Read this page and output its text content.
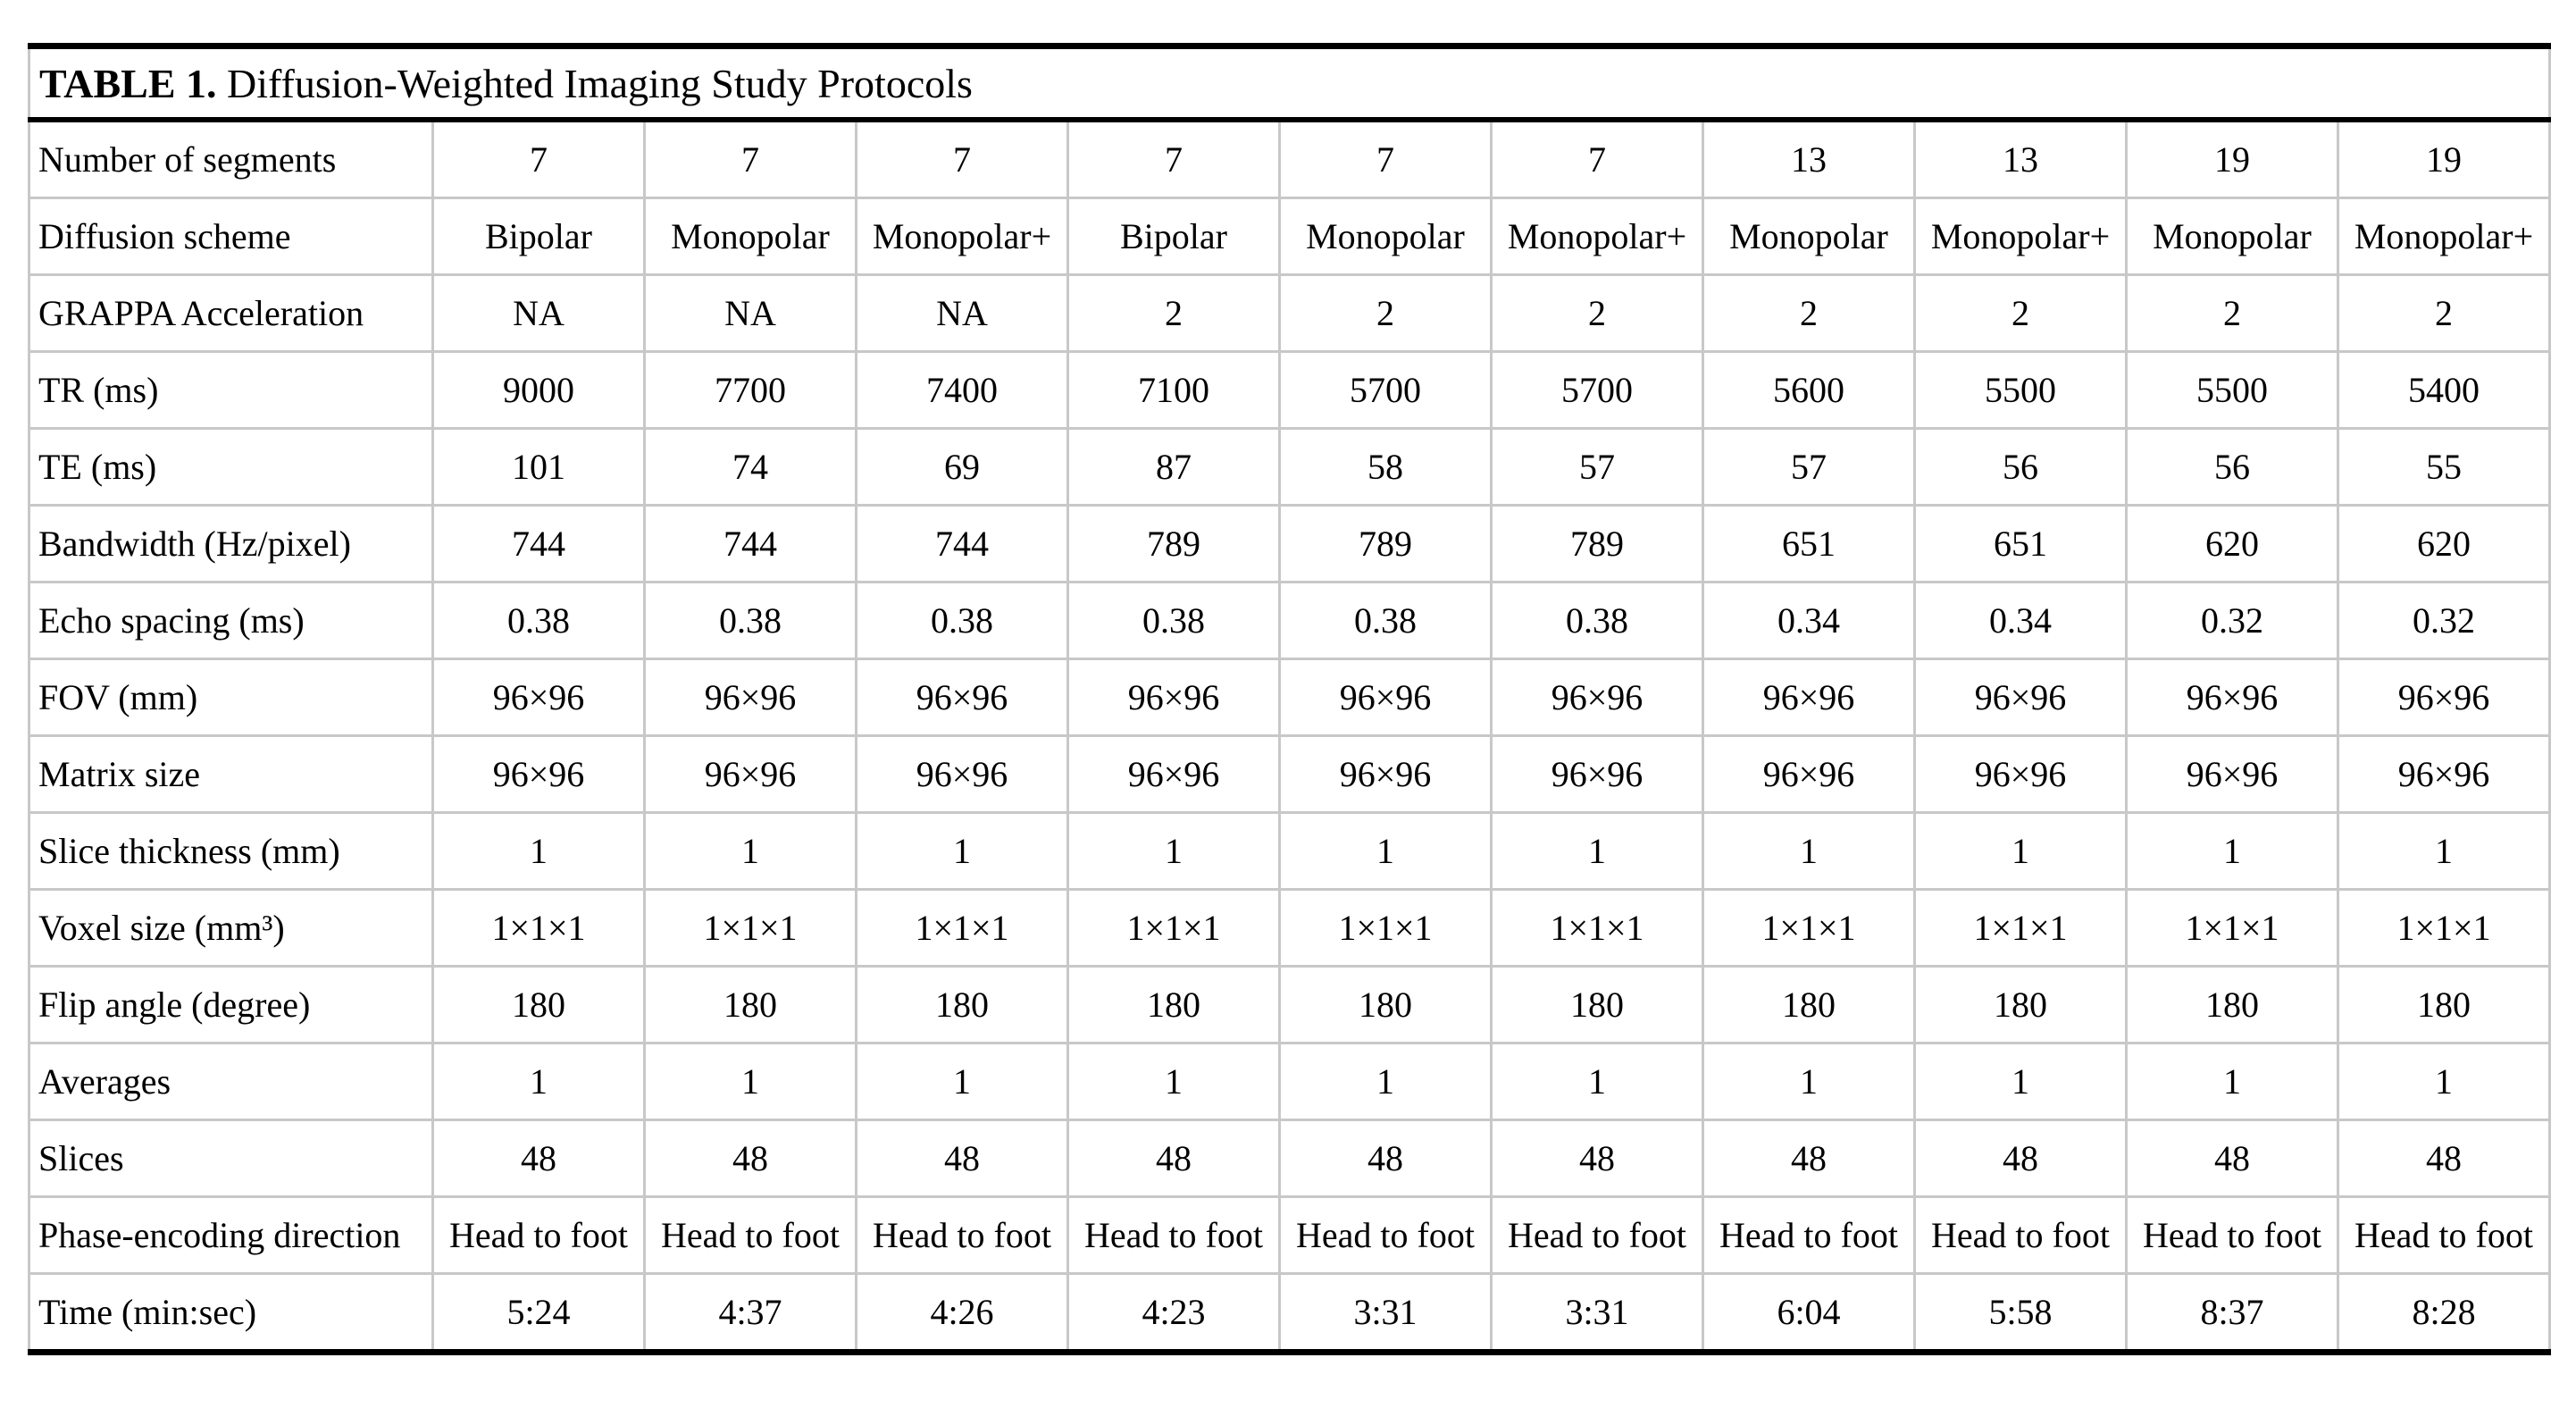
TABLE 1. Diffusion-Weighted Imaging Study Protocols										
Number of segments	7	7	7	7	7	7	13	13	19	19
Diffusion scheme	Bipolar	Monopolar	Monopolar+	Bipolar	Monopolar	Monopolar+	Monopolar	Monopolar+	Monopolar	Monopolar+
GRAPPA Acceleration	NA	NA	NA	2	2	2	2	2	2	2
TR (ms)	9000	7700	7400	7100	5700	5700	5600	5500	5500	5400
TE (ms)	101	74	69	87	58	57	57	56	56	55
Bandwidth (Hz/pixel)	744	744	744	789	789	789	651	651	620	620
Echo spacing (ms)	0.38	0.38	0.38	0.38	0.38	0.38	0.34	0.34	0.32	0.32
FOV (mm)	96×96	96×96	96×96	96×96	96×96	96×96	96×96	96×96	96×96	96×96
Matrix size	96×96	96×96	96×96	96×96	96×96	96×96	96×96	96×96	96×96	96×96
Slice thickness (mm)	1	1	1	1	1	1	1	1	1	1
Voxel size (mm³)	1×1×1	1×1×1	1×1×1	1×1×1	1×1×1	1×1×1	1×1×1	1×1×1	1×1×1	1×1×1
Flip angle (degree)	180	180	180	180	180	180	180	180	180	180
Averages	1	1	1	1	1	1	1	1	1	1
Slices	48	48	48	48	48	48	48	48	48	48
Phase-encoding direction	Head to foot	Head to foot	Head to foot	Head to foot	Head to foot	Head to foot	Head to foot	Head to foot	Head to foot	Head to foot
Time (min:sec)	5:24	4:37	4:26	4:23	3:31	3:31	6:04	5:58	8:37	8:28
